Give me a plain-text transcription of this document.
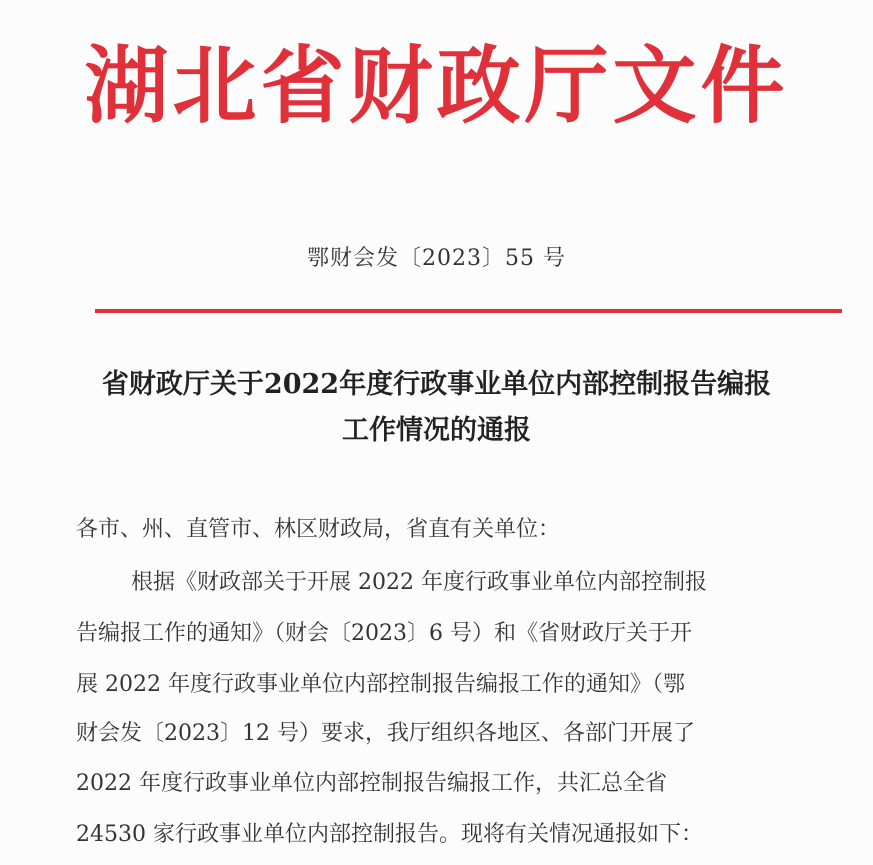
湖北省财政厅文件
鄂财会发〔2023〕55 号
省财政厅关于2022年度行政事业单位内部控制报告编报
工作情况的通报
各市、州、直管市、林区财政局，省直有关单位：
根据《财政部关于开展 2022 年度行政事业单位内部控制报
告编报工作的通知》（财会〔2023〕6 号）和《省财政厅关于开
展 2022 年度行政事业单位内部控制报告编报工作的通知》（鄂
财会发〔2023〕12 号）要求，我厅组织各地区、各部门开展了
2022 年度行政事业单位内部控制报告编报工作，共汇总全省
24530 家行政事业单位内部控制报告。现将有关情况通报如下：
